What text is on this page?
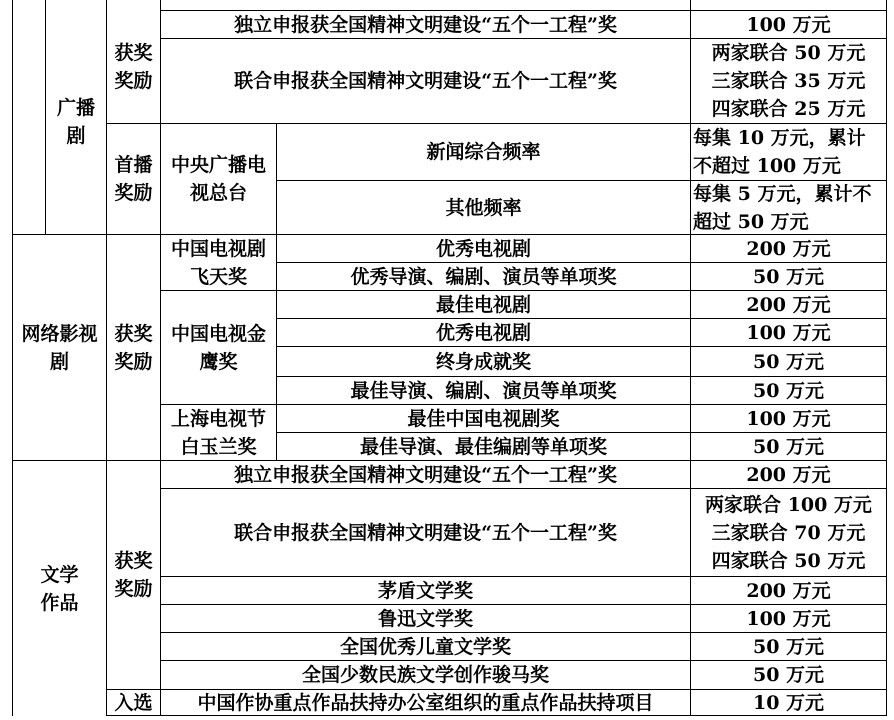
广播剧
网络影视剧
文学作品
获奖奖励
首播奖励
获奖奖励
获奖奖励
入选
中央广播电视总台
中国电视剧飞天奖
中国电视金鹰奖
上海电视节白玉兰奖
独立申报获全国精神文明建设“五个一工程”奖
联合申报获全国精神文明建设“五个一工程”奖
新闻综合频率
其他频率
优秀电视剧
优秀导演、编剧、演员等单项奖
最佳电视剧
优秀电视剧
终身成就奖
最佳导演、编剧、演员等单项奖
最佳中国电视剧奖
最佳导演、最佳编剧等单项奖
独立申报获全国精神文明建设“五个一工程”奖
联合申报获全国精神文明建设“五个一工程”奖
茅盾文学奖
鲁迅文学奖
全国优秀儿童文学奖
全国少数民族文学创作骏马奖
中国作协重点作品扶持办公室组织的重点作品扶持项目
100 万元
两家联合 50 万元
三家联合 35 万元
四家联合 25 万元
每集 10 万元，累计
不超过 100 万元
每集 5 万元，累计不
超过 50 万元
200 万元
50 万元
200 万元
100 万元
50 万元
50 万元
100 万元
50 万元
200 万元
两家联合 100 万元
三家联合 70 万元
四家联合 50 万元
200 万元
100 万元
50 万元
50 万元
10 万元
